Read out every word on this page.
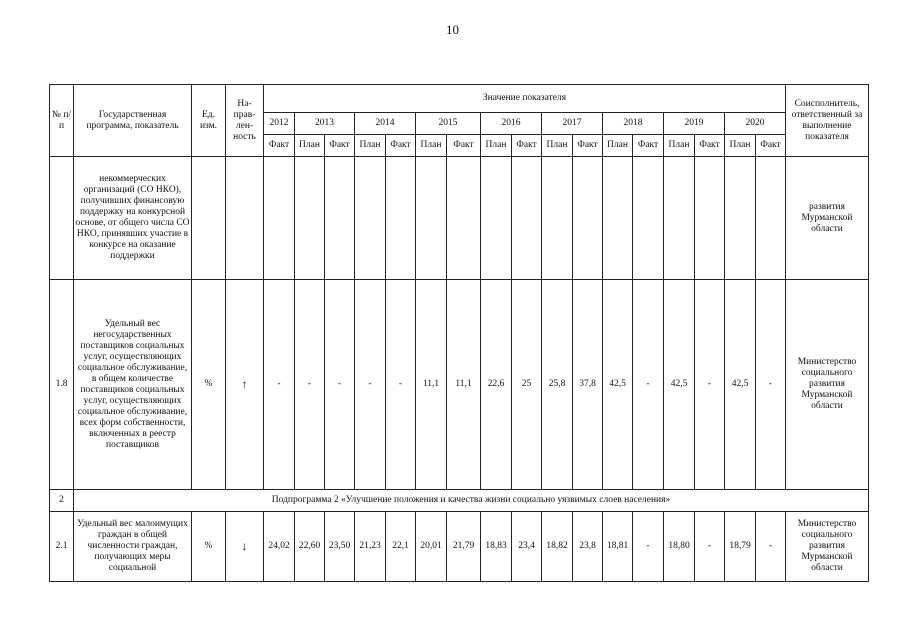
10
№ п/п	Государственная программа, показатель	Ед. изм.	На-прав-лен-ность	Значение показателя																	Соисполнитель, ответственный за выполнение показателя
				2012	2013		2014		2015		2016		2017		2018		2019		2020		
				Факт	План	Факт	План	Факт	План	Факт	План	Факт	План	Факт	План	Факт	План	Факт	План	Факт	
	некоммерческих организаций (СО НКО), получивших финансовую поддержку на конкурсной основе, от общего числа СО НКО, принявших участие в конкурсе на оказание поддержки																				развития Мурманской области
1.8	Удельный вес негосударственных поставщиков социальных услуг, осуществляющих социальное обслуживание, в общем количестве поставщиков социальных услуг, осуществляющих социальное обслуживание, всех форм собственности, включенных в реестр поставщиков	%	↑	-	-	-	-	-	11,1	11,1	22,6	25	25,8	37,8	42,5	-	42,5	-	42,5	-	Министерство социального развития Мурманской области
2	Подпрограмма 2 «Улучшение положения и качества жизни социально уязвимых слоев населения»																				
2.1	Удельный вес малоимущих граждан в общей численности граждан, получающих меры социальной	%	↓	24,02	22,60	23,50	21,23	22,1	20,01	21,79	18,83	23,4	18,82	23,8	18,81	-	18,80	-	18,79	-	Министерство социального развития Мурманской области
